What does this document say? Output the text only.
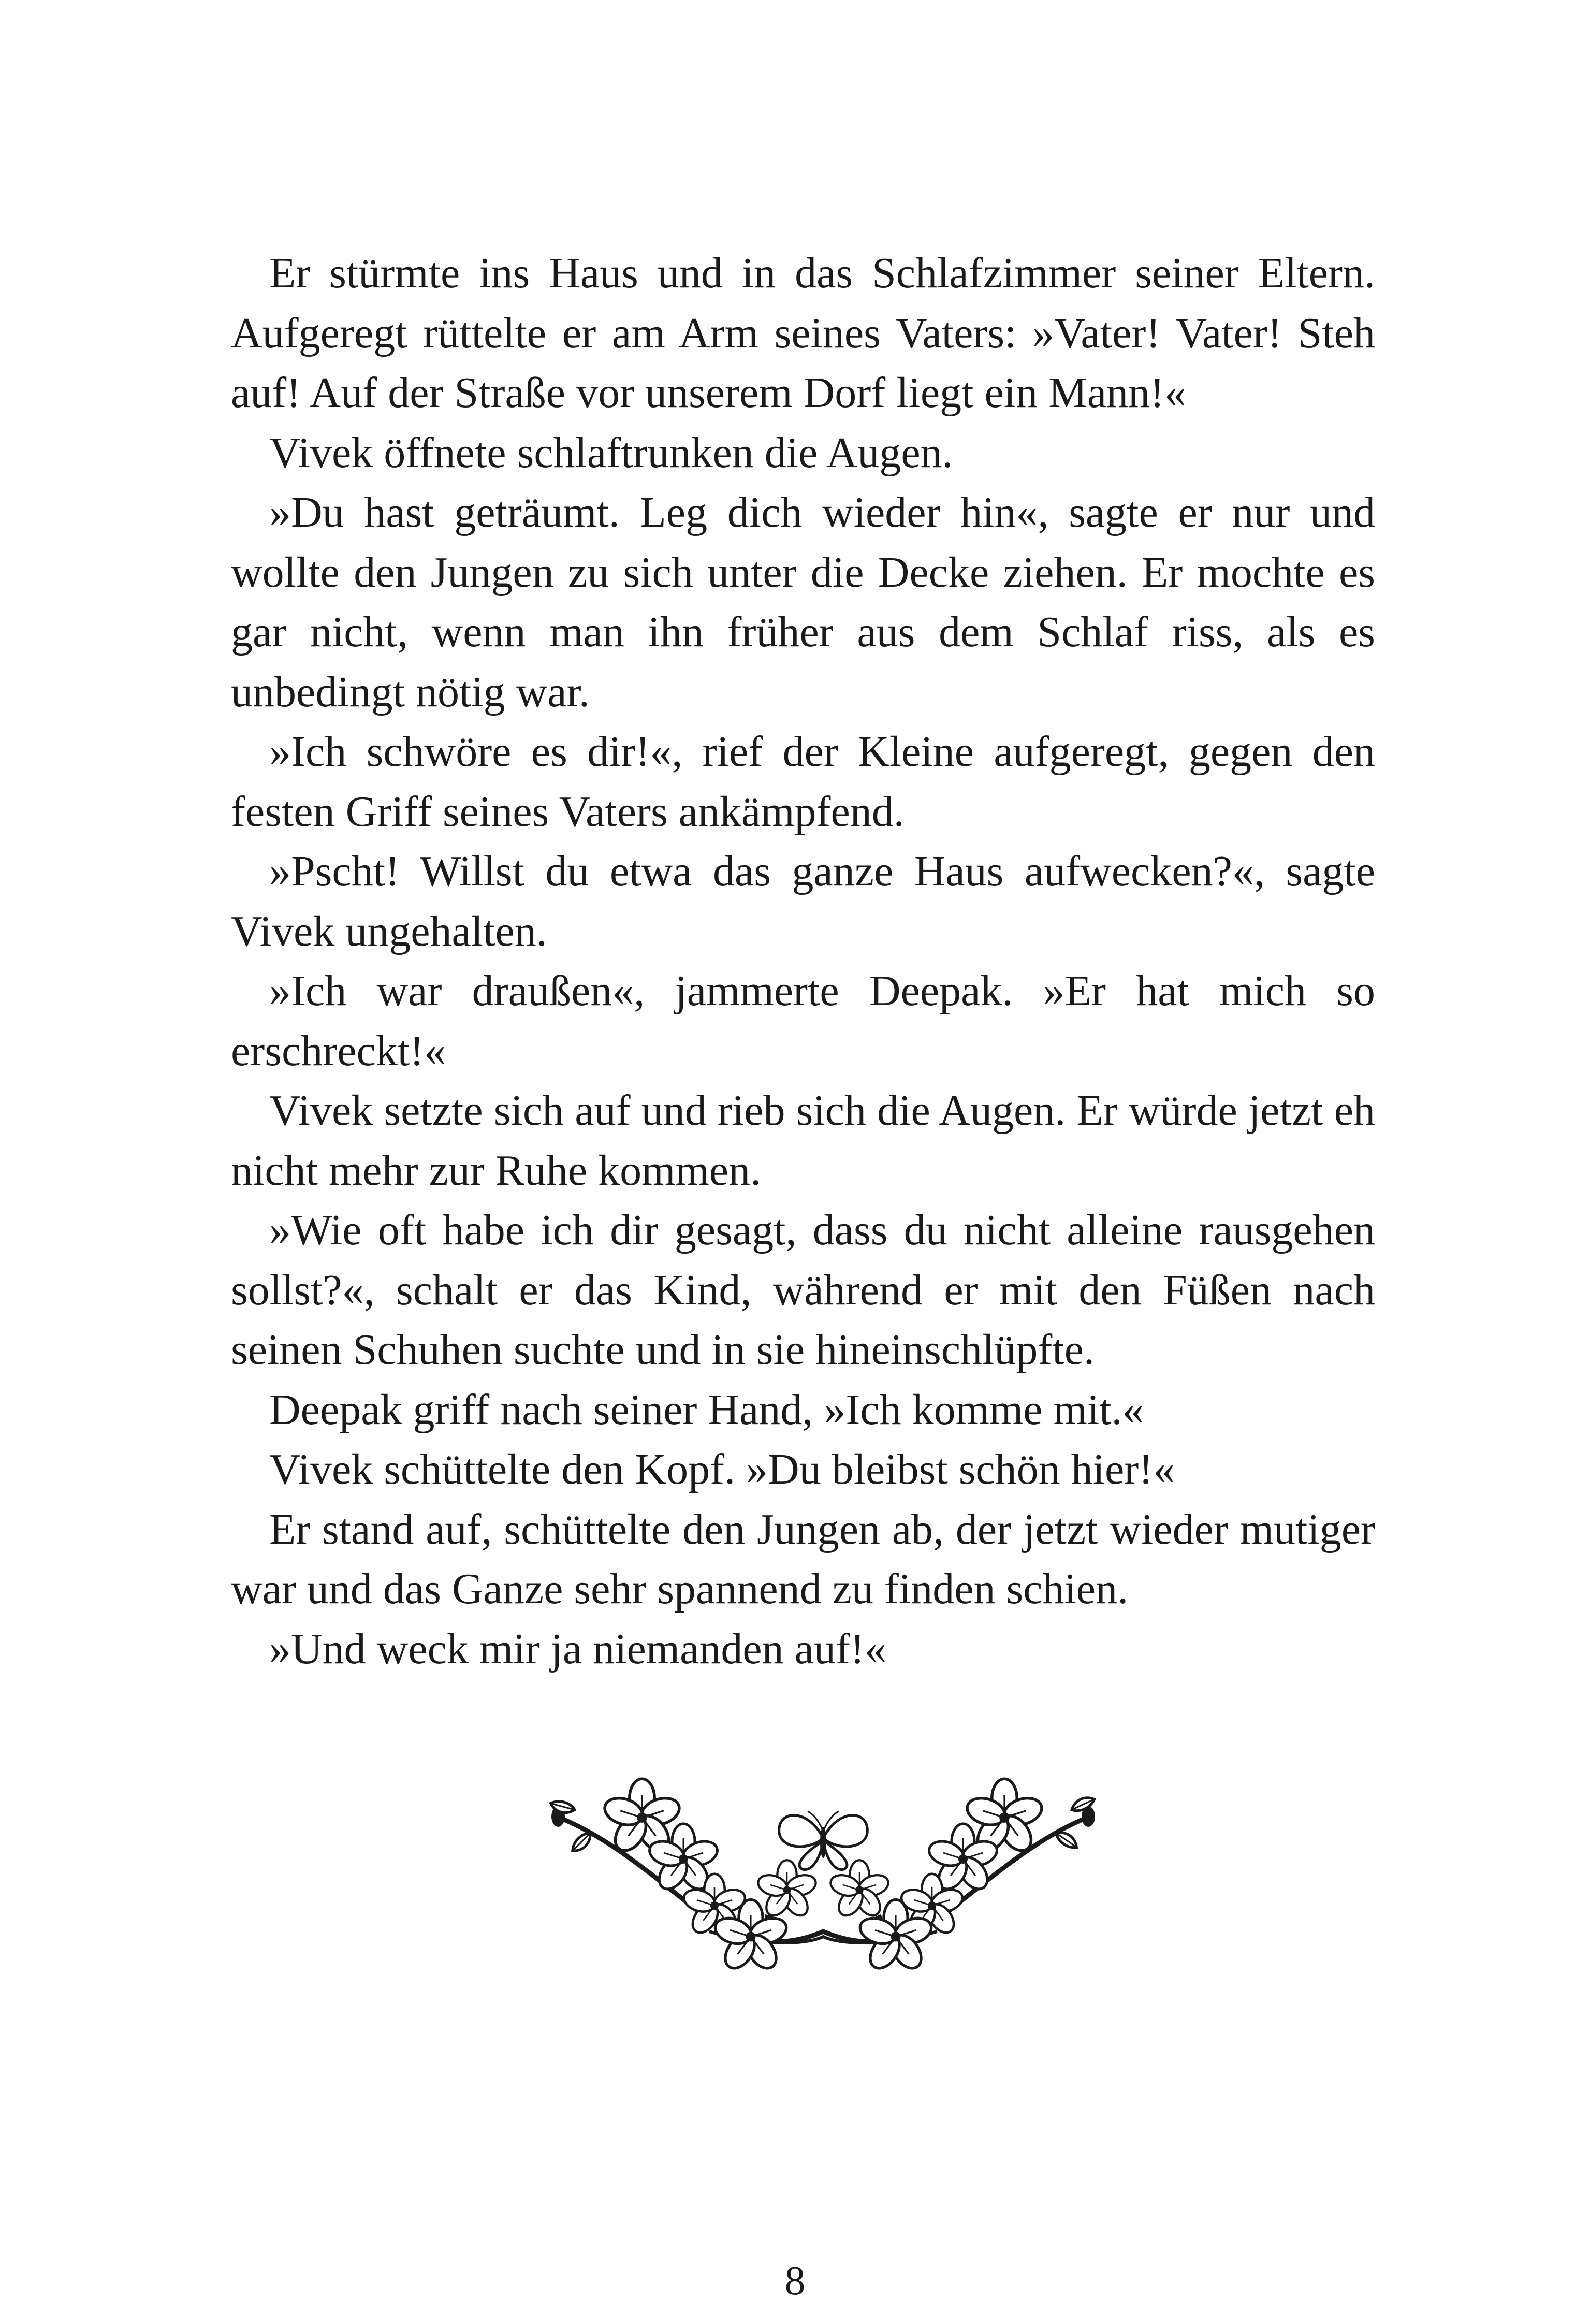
Er stürmte ins Haus und in das Schlafzimmer seiner Eltern. Aufgeregt rüttelte er am Arm seines Vaters: »Vater! Vater! Steh auf! Auf der Straße vor unserem Dorf liegt ein Mann!«

Vivek öffnete schlaftrunken die Augen.

»Du hast geträumt. Leg dich wieder hin«, sagte er nur und wollte den Jungen zu sich unter die Decke ziehen. Er mochte es gar nicht, wenn man ihn früher aus dem Schlaf riss, als es unbedingt nötig war.

»Ich schwöre es dir!«, rief der Kleine aufgeregt, gegen den festen Griff seines Vaters ankämpfend.

»Pscht! Willst du etwa das ganze Haus aufwecken?«, sagte Vivek ungehalten.

»Ich war draußen«, jammerte Deepak. »Er hat mich so erschreckt!«

Vivek setzte sich auf und rieb sich die Augen. Er würde jetzt eh nicht mehr zur Ruhe kommen.

»Wie oft habe ich dir gesagt, dass du nicht alleine rausgehen sollst?«, schalt er das Kind, während er mit den Füßen nach seinen Schuhen suchte und in sie hineinschlüpfte.

Deepak griff nach seiner Hand, »Ich komme mit.«

Vivek schüttelte den Kopf. »Du bleibst schön hier!«

Er stand auf, schüttelte den Jungen ab, der jetzt wieder mutiger war und das Ganze sehr spannend zu finden schien.

»Und weck mir ja niemanden auf!«

8
